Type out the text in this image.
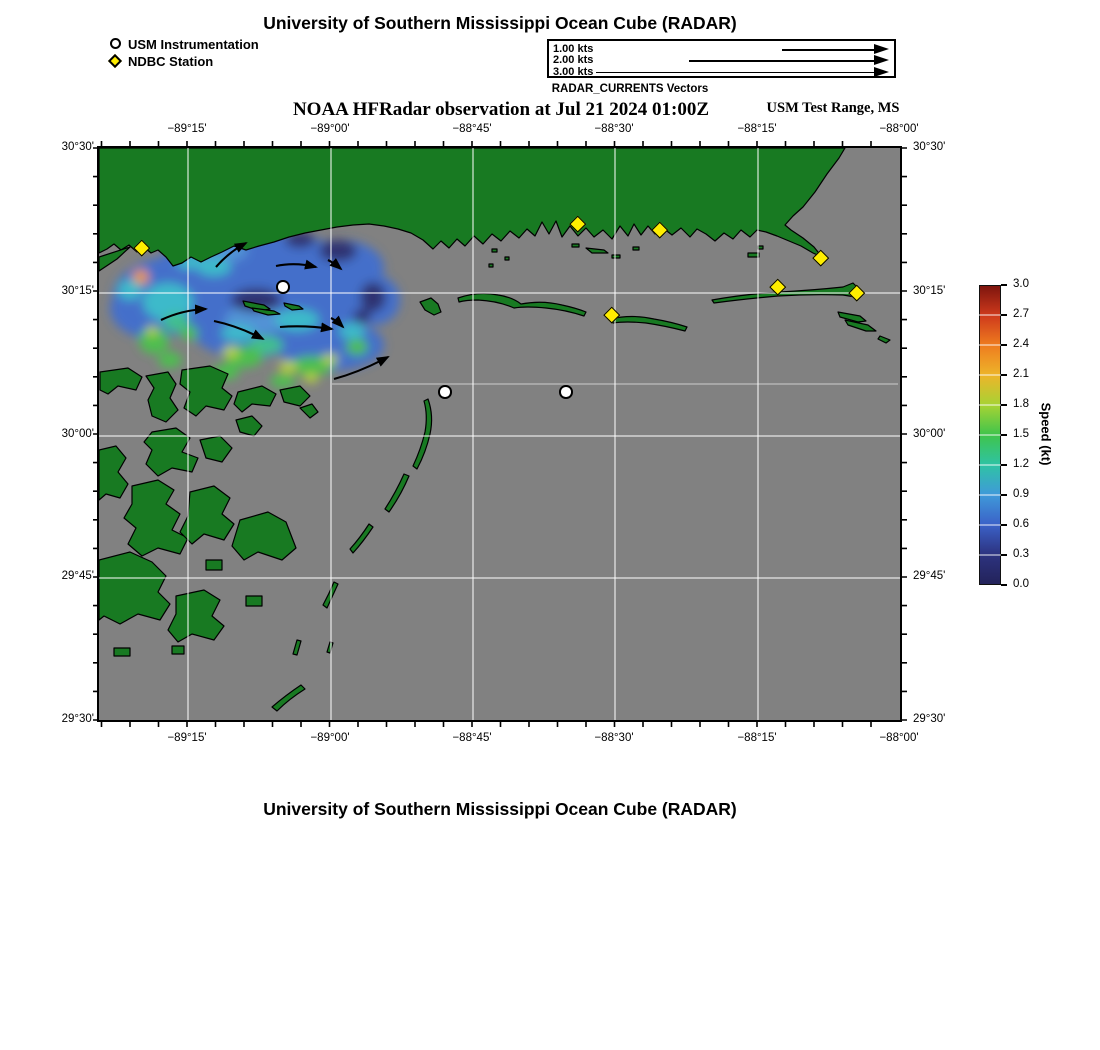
University of Southern Mississippi Ocean Cube (RADAR)
USM Instrumentation
NDBC Station
1.00 kts
2.00 kts
3.00 kts
RADAR_CURRENTS Vectors
NOAA HFRadar observation at Jul 21 2024 01:00Z	USM Test Range, MS
−89°15'
−89°15'
−89°00'
−89°00'
−88°45'
−88°45'
−88°30'
−88°30'
−88°15'
−88°15'
−88°00'
−88°00'
30°30'	30°30'
30°15'	30°15'
30°00'	30°00'
29°45'	29°45'
29°30'	29°30'
3.0
2.7
2.4
2.1
1.8
1.5
1.2
0.9
0.6
0.3
0.0
Speed (kt)
University of Southern Mississippi Ocean Cube (RADAR)
